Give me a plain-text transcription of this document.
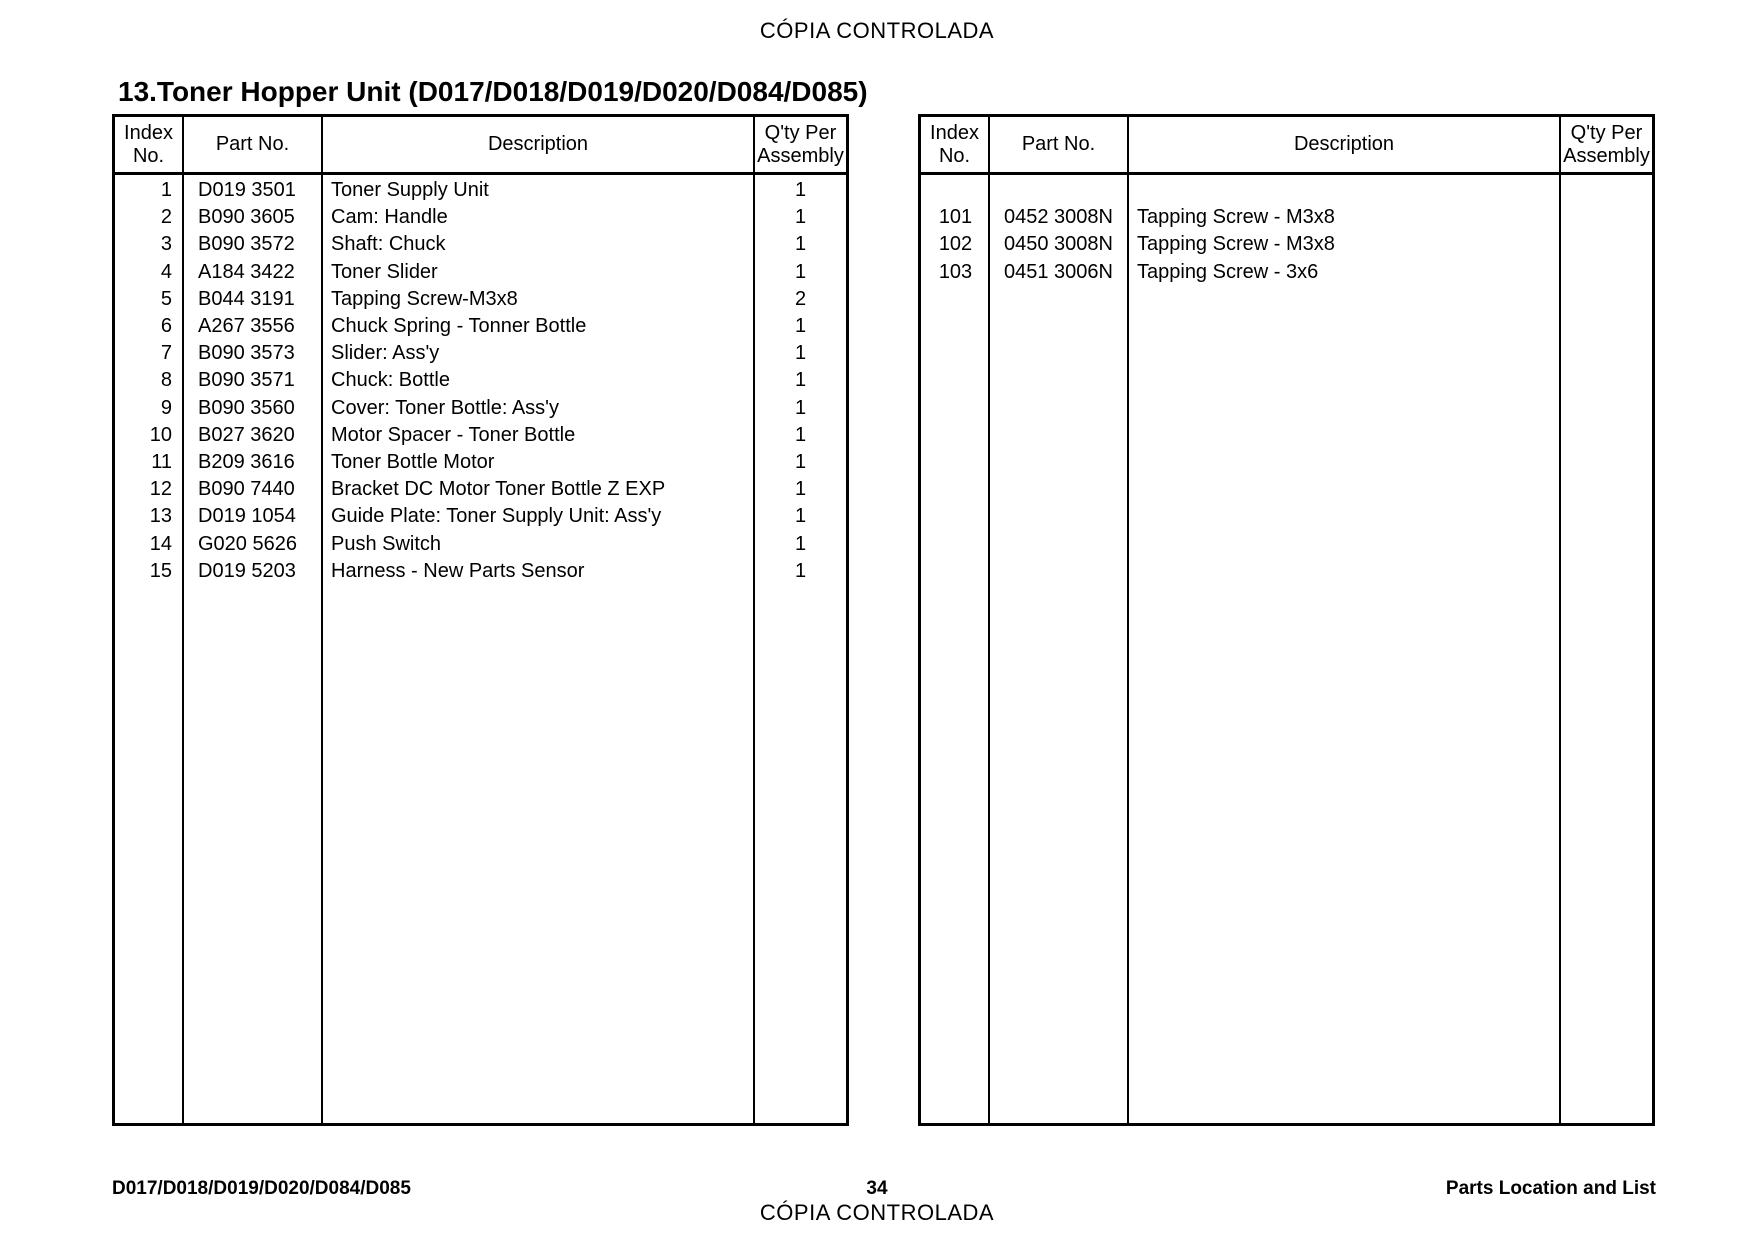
CÓPIA CONTROLADA
13.Toner Hopper Unit (D017/D018/D019/D020/D084/D085)
Index
No.
Part No.	Description
Q'ty Per
Assembly
1	D019 3501	Toner Supply Unit	1
2	B090 3605	Cam: Handle	1
3	B090 3572	Shaft: Chuck	1
4	A184 3422	Toner Slider	1
5	B044 3191	Tapping Screw-M3x8	2
6	A267 3556	Chuck Spring - Tonner Bottle	1
7	B090 3573	Slider: Ass'y	1
8	B090 3571	Chuck: Bottle	1
9	B090 3560	Cover: Toner Bottle: Ass'y	1
10	B027 3620	Motor Spacer - Toner Bottle	1
11	B209 3616	Toner Bottle Motor	1
12	B090 7440	Bracket DC Motor Toner Bottle Z EXP	1
13	D019 1054	Guide Plate: Toner Supply Unit: Ass'y	1
14	G020 5626	Push Switch	1
15	D019 5203	Harness - New Parts Sensor	1
Index
No.
Part No.	Description
Q'ty Per
Assembly
101	0452 3008N	Tapping Screw - M3x8
102	0450 3008N	Tapping Screw - M3x8
103	0451 3006N	Tapping Screw - 3x6
D017/D018/D019/D020/D084/D085	34	Parts Location and List
CÓPIA CONTROLADA
